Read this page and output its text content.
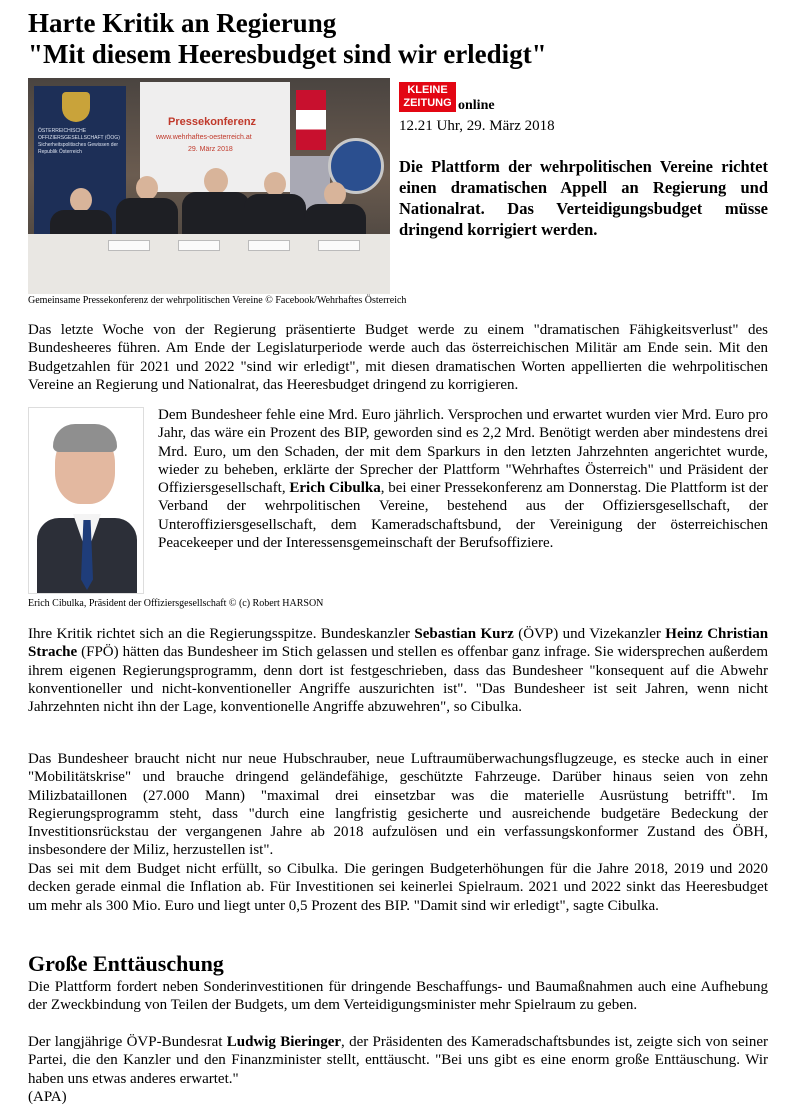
Harte Kritik an Regierung
"Mit diesem Heeresbudget sind wir erledigt"
ÖSTERREICHISCHE OFFIZIERSGESELLSCHAFT (ÖOG) Sicherheitspolitisches Gewissen der Republik Österreich
Pressekonferenz
www.wehrhaftes-oesterreich.at
29. März 2018

Gemeinsame Pressekonferenz der wehrpolitischen Vereine © Facebook/Wehrhaftes Österreich

KLEINE
ZEITUNG online
12.21 Uhr, 29. März 2018

Die Plattform der wehrpolitischen Vereine richtet einen dramatischen Appell an Regierung und Nationalrat. Das Verteidigungsbudget müsse dringend korrigiert werden.

Das letzte Woche von der Regierung präsentierte Budget werde zu einem "dramatischen Fähigkeitsverlust" des Bundesheeres führen. Am Ende der Legislaturperiode werde auch das österreichischen Militär am Ende sein. Mit den Budgetzahlen für 2021 und 2022 "sind wir erledigt", mit diesen dramatischen Worten appellierten die wehrpolitischen Vereine an Regierung und Nationalrat, das Heeresbudget dringend zu korrigieren.

Erich Cibulka, Präsident der Offiziersgesellschaft © (c) Robert HARSON

Dem Bundesheer fehle eine Mrd. Euro jährlich. Versprochen und erwartet wurden vier Mrd. Euro pro Jahr, das wäre ein Prozent des BIP, geworden sind es 2,2 Mrd. Benötigt werden aber mindestens drei Mrd. Euro, um den Schaden, der mit dem Sparkurs in den letzten Jahrzehnten angerichtet wurde, wieder zu beheben, erklärte der Sprecher der Plattform "Wehrhaftes Österreich" und Präsident der Offiziersgesellschaft, Erich Cibulka, bei einer Pressekonferenz am Donnerstag. Die Plattform ist der Verband der wehrpolitischen Vereine, bestehend aus der Offiziersgesellschaft, der Unteroffiziersgesellschaft, dem Kameradschaftsbund, der Vereinigung der österreichischen Peacekeeper und der Interessensgemeinschaft der Berufsoffiziere.

Ihre Kritik richtet sich an die Regierungsspitze. Bundeskanzler Sebastian Kurz (ÖVP) und Vizekanzler Heinz Christian Strache (FPÖ) hätten das Bundesheer im Stich gelassen und stellen es offenbar ganz infrage. Sie widersprechen außerdem ihrem eigenen Regierungsprogramm, denn dort ist festgeschrieben, dass das Bundesheer "konsequent auf die Abwehr konventioneller und nicht-konventioneller Angriffe auszurichten ist". "Das Bundesheer ist seit Jahren, wenn nicht Jahrzehnten nicht ihn der Lage, konventionelle Angriffe abzuwehren", so Cibulka.

Das Bundesheer braucht nicht nur neue Hubschrauber, neue Luftraumüberwachungsflugzeuge, es stecke auch in einer "Mobilitätskrise" und brauche dringend geländefähige, geschützte Fahrzeuge. Darüber hinaus seien von zehn Milizbataillonen (27.000 Mann) "maximal drei einsetzbar was die materielle Ausrüstung betrifft". Im Regierungsprogramm steht, dass "durch eine langfristig gesicherte und ausreichende budgetäre Bedeckung der Investitionsrückstau der vergangenen Jahre ab 2018 aufzulösen und ein verfassungskonformer Zustand des ÖBH, insbesondere der Miliz, herzustellen ist".

Das sei mit dem Budget nicht erfüllt, so Cibulka. Die geringen Budgeterhöhungen für die Jahre 2018, 2019 und 2020 decken gerade einmal die Inflation ab. Für Investitionen sei keinerlei Spielraum. 2021 und 2022 sinkt das Heeresbudget um mehr als 300 Mio. Euro und liegt unter 0,5 Prozent des BIP. "Damit sind wir erledigt", sagte Cibulka.

Große Enttäuschung

Die Plattform fordert neben Sonderinvestitionen für dringende Beschaffungs- und Baumaßnahmen auch eine Aufhebung der Zweckbindung von Teilen der Budgets, um dem Verteidigungsminister mehr Spielraum zu geben.

Der langjährige ÖVP-Bundesrat Ludwig Bieringer, der Präsidenten des Kameradschaftsbundes ist, zeigte sich von seiner Partei, die den Kanzler und den Finanzminister stellt, enttäuscht. "Bei uns gibt es eine enorm große Enttäuschung. Wir haben uns etwas anderes erwartet."

(APA)
